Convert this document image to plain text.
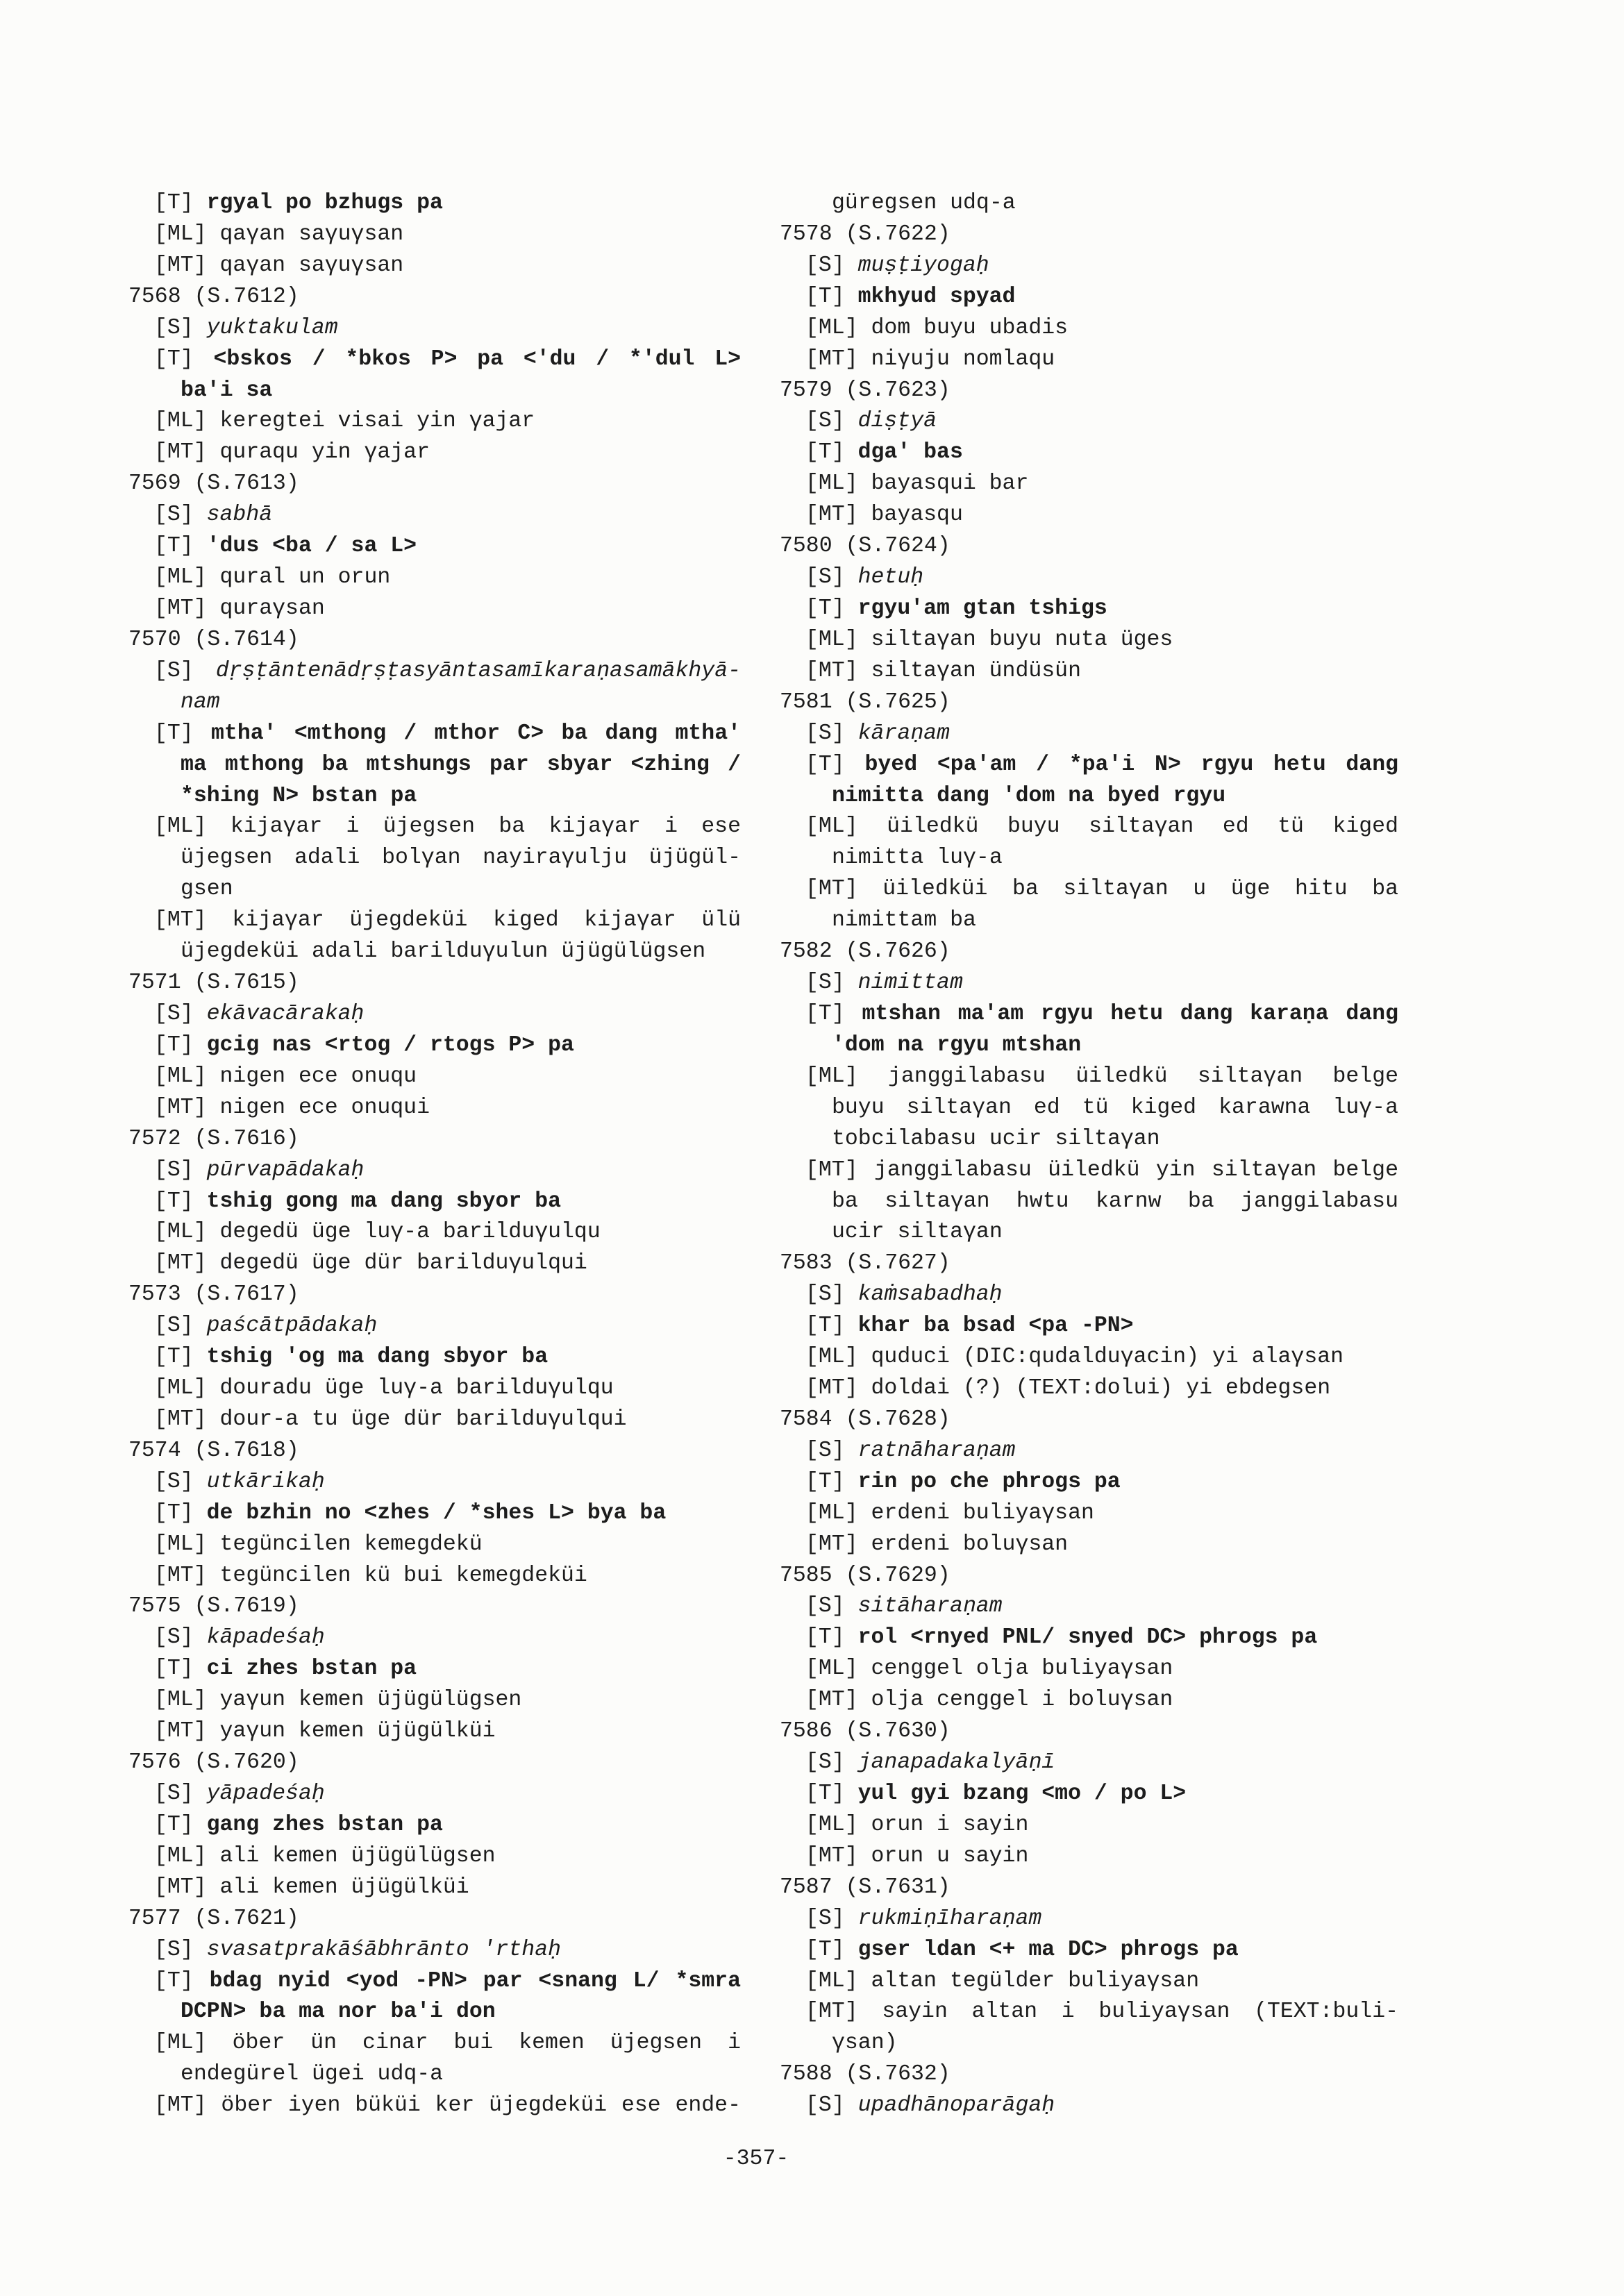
[T] rgyal po bzhugs pa
[ML] qaγan saγuγsan
[MT] qaγan saγuγsan
7568 (S.7612)
[S] yuktakulam
[T] <bskos / *bkos P> pa <'du / *'dul L>
ba'i sa
[ML] keregtei visai yin γajar
[MT] quraqu yin γajar
7569 (S.7613)
[S] sabhā
[T] 'dus <ba / sa L>
[ML] qural un orun
[MT] quraγsan
7570 (S.7614)
[S] dṛṣṭāntenādṛṣṭasyāntasamīkaraṇasamākhyā-
nam
[T] mtha' <mthong / mthor C> ba dang mtha'
ma mthong ba mtshungs par sbyar <zhing /
*shing N> bstan pa
[ML] kijaγar i üjegsen ba kijaγar i ese
üjegsen adali bolγan nayiraγulju üjügül-
gsen
[MT] kijaγar üjegdeküi kiged kijaγar ülü
üjegdeküi adali barilduγulun üjügülügsen
7571 (S.7615)
[S] ekāvacārakaḥ
[T] gcig nas <rtog / rtogs P> pa
[ML] nigen ece onuqu
[MT] nigen ece onuqui
7572 (S.7616)
[S] pūrvapādakaḥ
[T] tshig gong ma dang sbyor ba
[ML] degedü üge luγ-a barilduγulqu
[MT] degedü üge dür barilduγulqui
7573 (S.7617)
[S] paścātpādakaḥ
[T] tshig 'og ma dang sbyor ba
[ML] douradu üge luγ-a barilduγulqu
[MT] dour-a tu üge dür barilduγulqui
7574 (S.7618)
[S] utkārikaḥ
[T] de bzhin no <zhes / *shes L> bya ba
[ML] tegüncilen kemegdekü
[MT] tegüncilen kü bui kemegdeküi
7575 (S.7619)
[S] kāpadeśaḥ
[T] ci zhes bstan pa
[ML] yaγun kemen üjügülügsen
[MT] yaγun kemen üjügülküi
7576 (S.7620)
[S] yāpadeśaḥ
[T] gang zhes bstan pa
[ML] ali kemen üjügülügsen
[MT] ali kemen üjügülküi
7577 (S.7621)
[S] svasatprakāśābhrānto 'rthaḥ
[T] bdag nyid <yod -PN> par <snang L/ *smra
DCPN> ba ma nor ba'i don
[ML] öber ün cinar bui kemen üjegsen i
endegürel ügei udq-a
[MT] öber iyen büküi ker üjegdeküi ese ende-
güregsen udq-a
7578 (S.7622)
[S] muṣṭiyogaḥ
[T] mkhyud spyad
[ML] dom buyu ubadis
[MT] niγuju nomlaqu
7579 (S.7623)
[S] diṣṭyā
[T] dga' bas
[ML] bayasqui bar
[MT] bayasqu
7580 (S.7624)
[S] hetuḥ
[T] rgyu'am gtan tshigs
[ML] siltaγan buyu nuta üges
[MT] siltaγan ündüsün
7581 (S.7625)
[S] kāraṇam
[T] byed <pa'am / *pa'i N> rgyu hetu dang
nimitta dang 'dom na byed rgyu
[ML] üiledkü buyu siltaγan ed tü kiged
nimitta luγ-a
[MT] üiledküi ba siltaγan u üge hitu ba
nimittam ba
7582 (S.7626)
[S] nimittam
[T] mtshan ma'am rgyu hetu dang karaṇa dang
'dom na rgyu mtshan
[ML] janggilabasu üiledkü siltaγan belge
buyu siltaγan ed tü kiged karawna luγ-a
tobcilabasu ucir siltaγan
[MT] janggilabasu üiledkü yin siltaγan belge
ba siltaγan hwtu karnw ba janggilabasu
ucir siltaγan
7583 (S.7627)
[S] kaṁsabadhaḥ
[T] khar ba bsad <pa -PN>
[ML] quduci (DIC:qudalduγacin) yi alaγsan
[MT] doldai (?) (TEXT:dolui) yi ebdegsen
7584 (S.7628)
[S] ratnāharaṇam
[T] rin po che phrogs pa
[ML] erdeni buliyaγsan
[MT] erdeni boluγsan
7585 (S.7629)
[S] sitāharaṇam
[T] rol <rnyed PNL/ snyed DC> phrogs pa
[ML] cenggel olja buliyaγsan
[MT] olja cenggel i boluγsan
7586 (S.7630)
[S] janapadakalyāṇī
[T] yul gyi bzang <mo / po L>
[ML] orun i sayin
[MT] orun u sayin
7587 (S.7631)
[S] rukmiṇīharaṇam
[T] gser ldan <+ ma DC> phrogs pa
[ML] altan tegülder buliyaγsan
[MT] sayin altan i buliyaγsan (TEXT:buli-
γsan)
7588 (S.7632)
[S] upadhānoparāgaḥ
-357-
